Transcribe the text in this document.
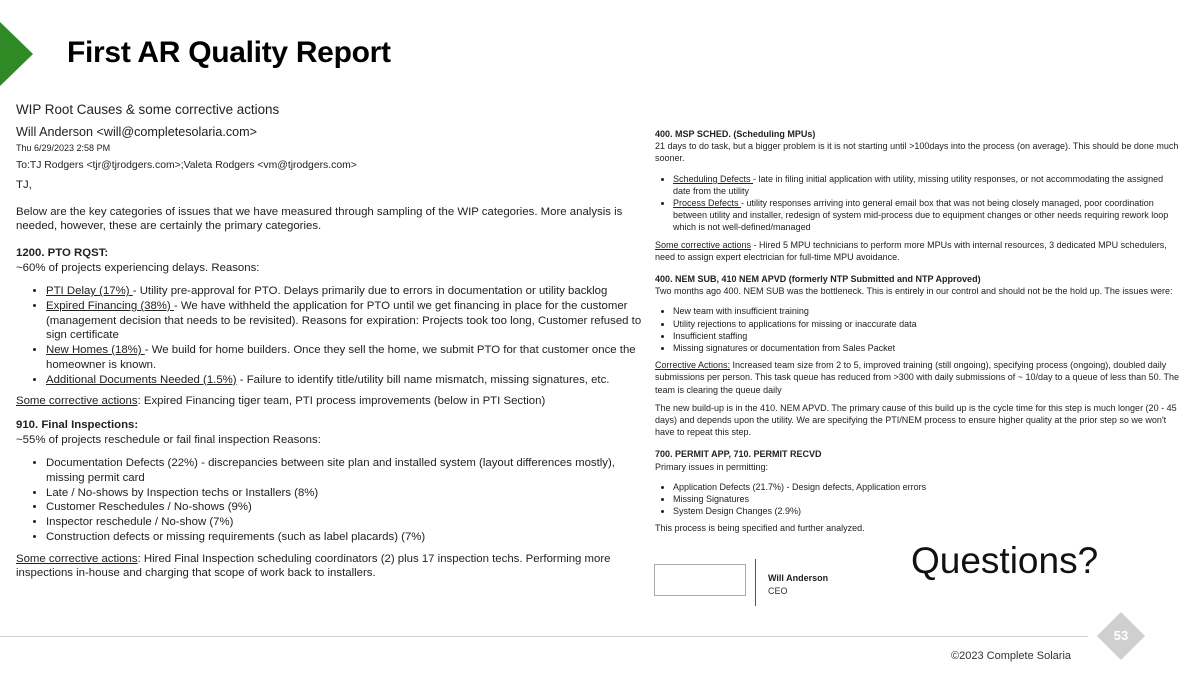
First AR Quality Report

WIP Root Causes & some corrective actions

Will Anderson <will@completesolaria.com>

Thu 6/29/2023 2:58 PM

To:TJ Rodgers <tjr@tjrodgers.com>;Valeta Rodgers <vm@tjrodgers.com>

TJ,

Below are the key categories of issues that we have measured through sampling of the WIP categories. More analysis is needed, however, these are certainly the primary categories.

1200. PTO RQST:

~60% of projects experiencing delays. Reasons:

• PTI Delay (17%) - Utility pre-approval for PTO. Delays primarily due to errors in documentation or utility backlog
• Expired Financing (38%) - We have withheld the application for PTO until we get financing in place for the customer (management decision that needs to be revisited). Reasons for expiration: Projects took too long, Customer refused to sign certificate
• New Homes (18%) - We build for home builders. Once they sell the home, we submit PTO for that customer once the homeowner is known.
• Additional Documents Needed (1.5%) - Failure to identify title/utility bill name mismatch, missing signatures, etc.

Some corrective actions: Expired Financing tiger team, PTI process improvements (below in PTI Section)

910. Final Inspections:

~55% of projects reschedule or fail final inspection Reasons:

• Documentation Defects (22%) - discrepancies between site plan and installed system (layout differences mostly), missing permit card
• Late / No-shows by Inspection techs or Installers (8%)
• Customer Reschedules / No-shows (9%)
• Inspector reschedule / No-show (7%)
• Construction defects or missing requirements (such as label placards) (7%)

Some corrective actions: Hired Final Inspection scheduling coordinators (2) plus 17 inspection techs. Performing more inspections in-house and charging that scope of work back to installers.

400. MSP SCHED. (Scheduling MPUs)

21 days to do task, but a bigger problem is it is not starting until >100days into the process (on average). This should be done much sooner.

• Scheduling Defects - late in filing initial application with utility, missing utility responses, or not accommodating the assigned date from the utility
• Process Defects - utility responses arriving into general email box that was not being closely managed, poor coordination between utility and installer, redesign of system mid-process due to equipment changes or other needs requiring rework loop which is not well-defined/managed

Some corrective actions - Hired 5 MPU technicians to perform more MPUs with internal resources, 3 dedicated MPU schedulers, need to assign expert electrician for full-time MPU avoidance.

400. NEM SUB, 410 NEM APVD (formerly NTP Submitted and NTP Approved)

Two months ago 400. NEM SUB was the bottleneck. This is entirely in our control and should not be the hold up. The issues were:

• New team with insufficient training
• Utility rejections to applications for missing or inaccurate data
• Insufficient staffing
• Missing signatures or documentation from Sales Packet

Corrective Actions: Increased team size from 2 to 5, improved training (still ongoing), specifying process (ongoing), doubled daily submissions per person. This task queue has reduced from >300 with daily submissions of ~ 10/day to a queue of less than 50. The team is clearing the queue daily

The new build-up is in the 410. NEM APVD. The primary cause of this build up is the cycle time for this step is much longer (20 - 45 days) and depends upon the utility. We are specifying the PTI/NEM process to ensure higher quality at the prior step so we won't have to repeat this step.

700. PERMIT APP, 710. PERMIT RECVD

Primary issues in permitting:

• Application Defects (21.7%) - Design defects, Application errors
• Missing Signatures
• System Design Changes (2.9%)

This process is being specified and further analyzed.

Will Anderson
CEO
Questions?
53
©2023 Complete Solaria
